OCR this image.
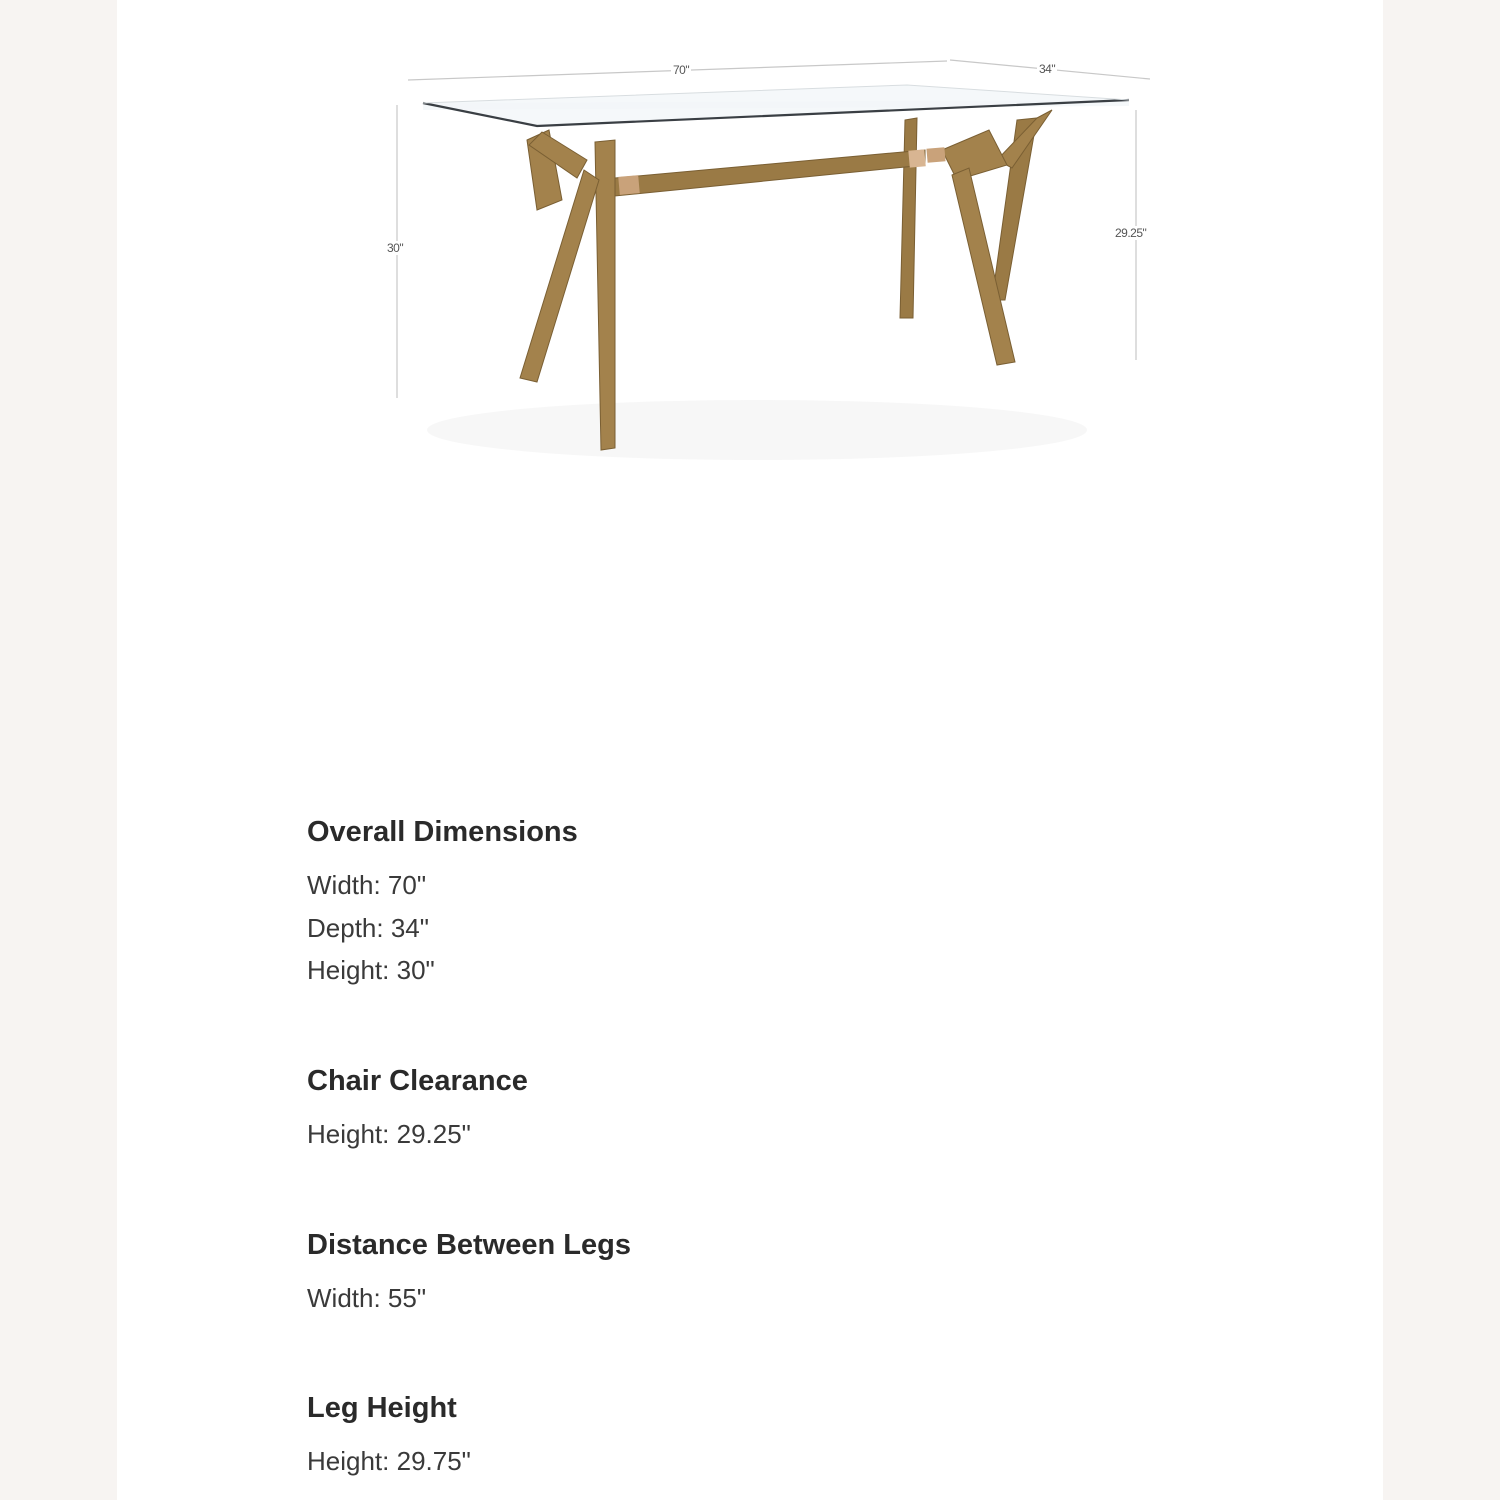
70"	34"
30"
29.25"
Overall Dimensions

Width: 70"

Depth: 34"

Height: 30"

Chair Clearance

Height: 29.25"

Distance Between Legs

Width: 55"

Leg Height

Height: 29.75"
